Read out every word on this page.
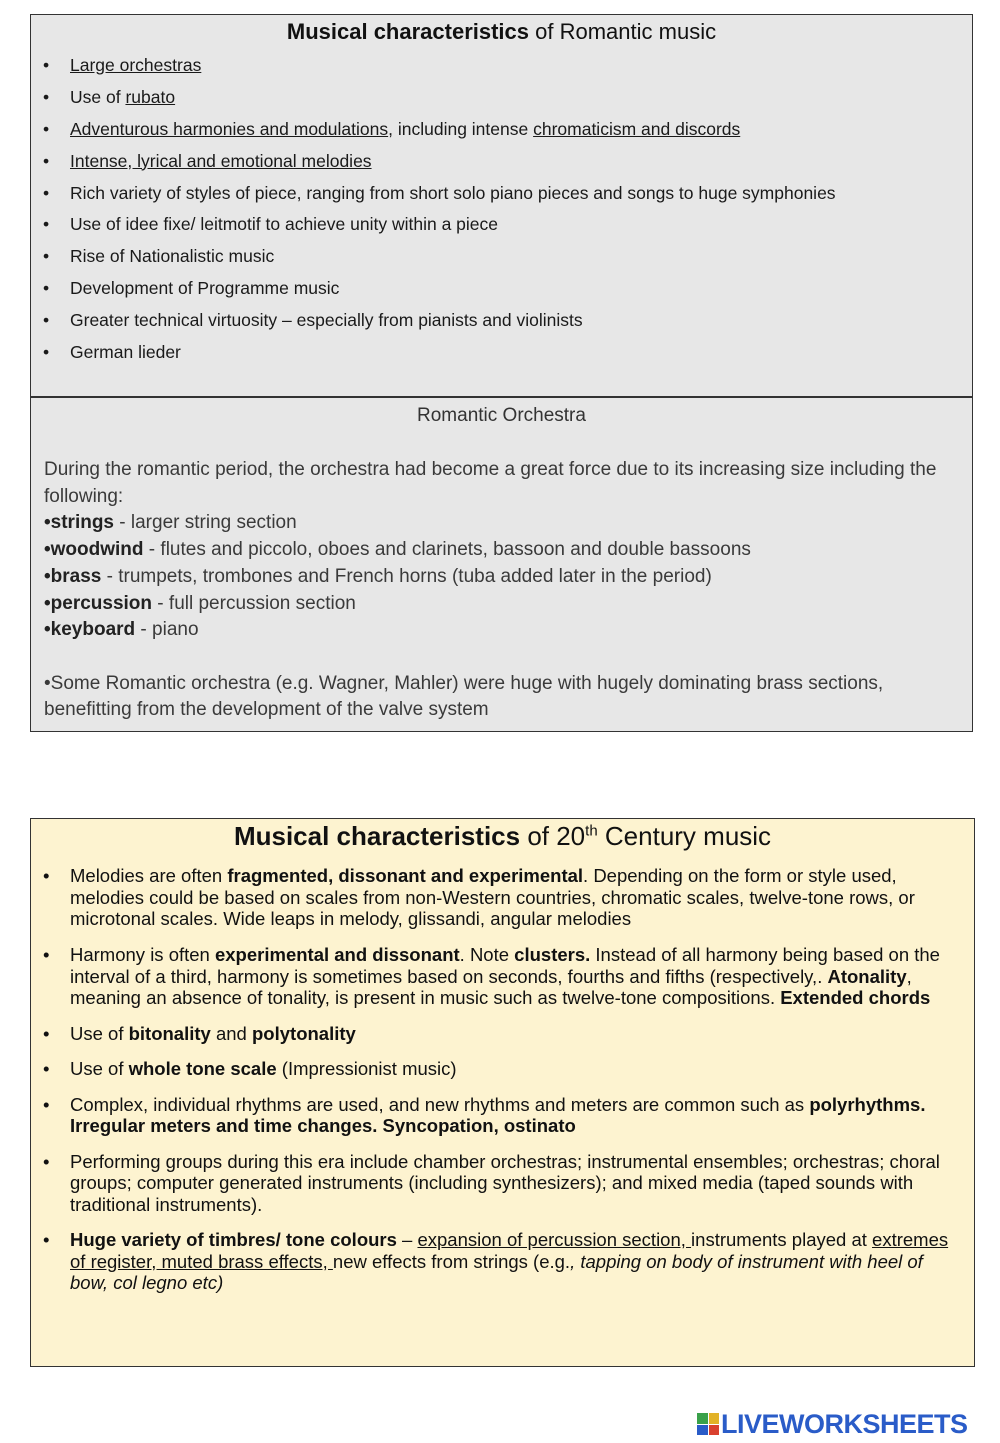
Musical characteristics of Romantic music
• Large orchestras
• Use of rubato
• Adventurous harmonies and modulations, including intense chromaticism and discords
• Intense, lyrical and emotional melodies
• Rich variety of styles of piece, ranging from short solo piano pieces and songs to huge symphonies
• Use of idee fixe/ leitmotif to achieve unity within a piece
• Rise of Nationalistic music
• Development of Programme music
• Greater technical virtuosity – especially from pianists and violinists
• German lieder
Romantic Orchestra

During the romantic period, the orchestra had become a great force due to its increasing size including the following:

•strings - larger string section

•woodwind - flutes and piccolo, oboes and clarinets, bassoon and double bassoons

•brass - trumpets, trombones and French horns (tuba added later in the period)

•percussion - full percussion section

•keyboard - piano

•Some Romantic orchestra (e.g. Wagner, Mahler) were huge with hugely dominating brass sections, benefitting from the development of the valve system

Musical characteristics of 20th Century music
• Melodies are often fragmented, dissonant and experimental. Depending on the form or style used, melodies could be based on scales from non-Western countries, chromatic scales, twelve-tone rows, or microtonal scales. Wide leaps in melody, glissandi, angular melodies
• Harmony is often experimental and dissonant. Note clusters. Instead of all harmony being based on the interval of a third, harmony is sometimes based on seconds, fourths and fifths (respectively,. Atonality, meaning an absence of tonality, is present in music such as twelve-tone compositions. Extended chords
• Use of bitonality and polytonality
• Use of whole tone scale (Impressionist music)
• Complex, individual rhythms are used, and new rhythms and meters are common such as polyrhythms. Irregular meters and time changes. Syncopation, ostinato
• Performing groups during this era include chamber orchestras; instrumental ensembles; orchestras; choral groups; computer generated instruments (including synthesizers); and mixed media (taped sounds with traditional instruments).
• Huge variety of timbres/ tone colours – expansion of percussion section, instruments played at extremes of register, muted brass effects, new effects from strings (e.g., tapping on body of instrument with heel of bow, col legno etc)
LIVEWORKSHEETS
